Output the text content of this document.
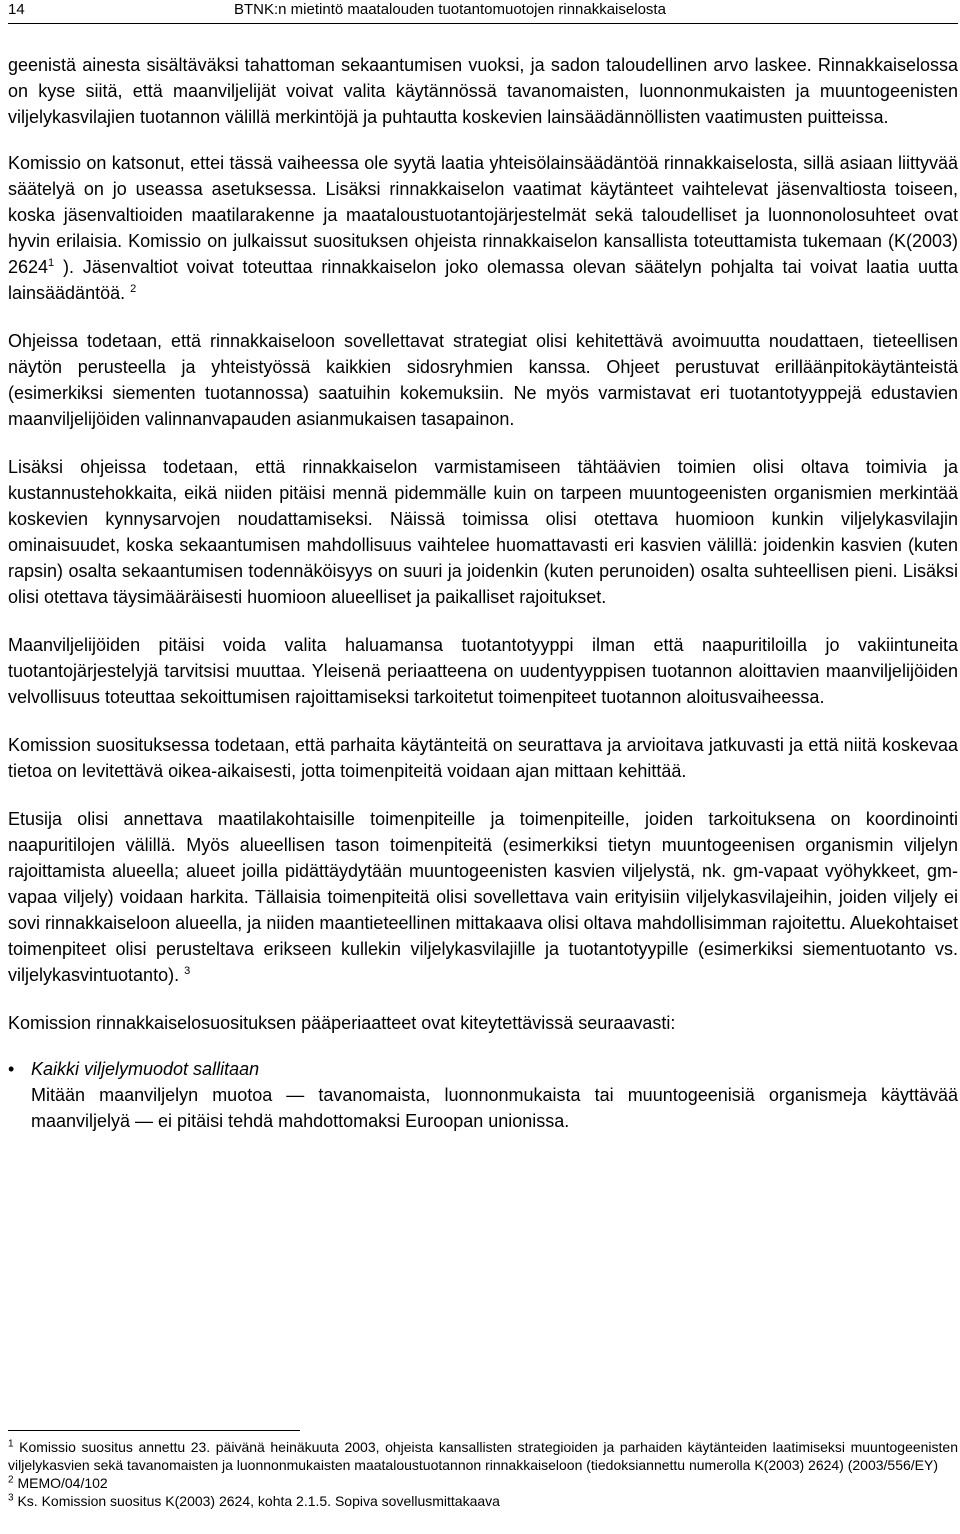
14	BTNK:n mietintö maatalouden tuotantomuotojen rinnakkaiselosta

geenistä ainesta sisältäväksi tahattoman sekaantumisen vuoksi, ja sadon taloudellinen arvo laskee. Rinnakkaiselossa on kyse siitä, että maanviljelijät voivat valita käytännössä tavanomaisten, luonnonmukaisten ja muuntogeenisten viljelykasvilajien tuotannon välillä merkintöjä ja puhtautta koskevien lainsäädännöllisten vaatimusten puitteissa.

Komissio on katsonut, ettei tässä vaiheessa ole syytä laatia yhteisölainsäädäntöä rinnakkaiselosta, sillä asiaan liittyvää säätelyä on jo useassa asetuksessa. Lisäksi rinnakkaiselon vaatimat käytänteet vaihtelevat jäsenvaltiosta toiseen, koska jäsenvaltioiden maatilarakenne ja maataloustuotantojärjestelmät sekä taloudelliset ja luonnonolosuhteet ovat hyvin erilaisia. Komissio on julkaissut suosituksen ohjeista rinnakkaiselon kansallista toteuttamista tukemaan (K(2003) 2624$^1$ ). Jäsenvaltiot voivat toteuttaa rinnakkaiselon joko olemassa olevan säätelyn pohjalta tai voivat laatia uutta lainsäädäntöä. $^2$

Ohjeissa todetaan, että rinnakkaiseloon sovellettavat strategiat olisi kehitettävä avoimuutta noudattaen, tieteellisen näytön perusteella ja yhteistyössä kaikkien sidosryhmien kanssa. Ohjeet perustuvat erilläänpitokäytänteistä (esimerkiksi siementen tuotannossa) saatuihin kokemuksiin. Ne myös varmistavat eri tuotantotyyppejä edustavien maanviljelijöiden valinnanvapauden asianmukaisen tasapainon.

Lisäksi ohjeissa todetaan, että rinnakkaiselon varmistamiseen tähtäävien toimien olisi oltava toimivia ja kustannustehokkaita, eikä niiden pitäisi mennä pidemmälle kuin on tarpeen muuntogeenisten organismien merkintää koskevien kynnysarvojen noudattamiseksi. Näissä toimissa olisi otettava huomioon kunkin viljelykasvilajin ominaisuudet, koska sekaantumisen mahdollisuus vaihtelee huomattavasti eri kasvien välillä: joidenkin kasvien (kuten rapsin) osalta sekaantumisen todennäköisyys on suuri ja joidenkin (kuten perunoiden) osalta suhteellisen pieni. Lisäksi olisi otettava täysimääräisesti huomioon alueelliset ja paikalliset rajoitukset.

Maanviljelijöiden pitäisi voida valita haluamansa tuotantotyyppi ilman että naapuritiloilla jo vakiintuneita tuotantojärjestelyjä tarvitsisi muuttaa. Yleisenä periaatteena on uudentyyppisen tuotannon aloittavien maanviljelijöiden velvollisuus toteuttaa sekoittumisen rajoittamiseksi tarkoitetut toimenpiteet tuotannon aloitusvaiheessa.

Komission suosituksessa todetaan, että parhaita käytänteitä on seurattava ja arvioitava jatkuvasti ja että niitä koskevaa tietoa on levitettävä oikea-aikaisesti, jotta toimenpiteitä voidaan ajan mittaan kehittää.

Etusija olisi annettava maatilakohtaisille toimenpiteille ja toimenpiteille, joiden tarkoituksena on koordinointi naapuritilojen välillä. Myös alueellisen tason toimenpiteitä (esimerkiksi tietyn muuntogeenisen organismin viljelyn rajoittamista alueella; alueet joilla pidättäydytään muuntogeenisten kasvien viljelystä, nk. gm-vapaat vyöhykkeet, gm-vapaa viljely) voidaan harkita. Tällaisia toimenpiteitä olisi sovellettava vain erityisiin viljelykasvilajeihin, joiden viljely ei sovi rinnakkaiseloon alueella, ja niiden maantieteellinen mittakaava olisi oltava mahdollisimman rajoitettu. Aluekohtaiset toimenpiteet olisi perusteltava erikseen kullekin viljelykasvilajille ja tuotantotyypille (esimerkiksi siementuotanto vs. viljelykasvintuotanto). $^3$

Komission rinnakkaiselosuosituksen pääperiaatteet ovat kiteytettävissä seuraavasti:

• Kaikki viljelymuodot sallitaan
Mitään maanviljelyn muotoa — tavanomaista, luonnonmukaista tai muuntogeenisiä organismeja käyttävää maanviljelyä — ei pitäisi tehdä mahdottomaksi Euroopan unionissa.

$^1$ Komissio suositus annettu 23. päivänä heinäkuuta 2003, ohjeista kansallisten strategioiden ja parhaiden käytänteiden laatimiseksi muuntogeenisten viljelykasvien sekä tavanomaisten ja luonnonmukaisten maataloustuotannon rinnakkaiseloon (tiedoksiannettu numerolla K(2003) 2624) (2003/556/EY)

$^2$ MEMO/04/102

$^3$ Ks. Komission suositus K(2003) 2624, kohta 2.1.5. Sopiva sovellusmittakaava
